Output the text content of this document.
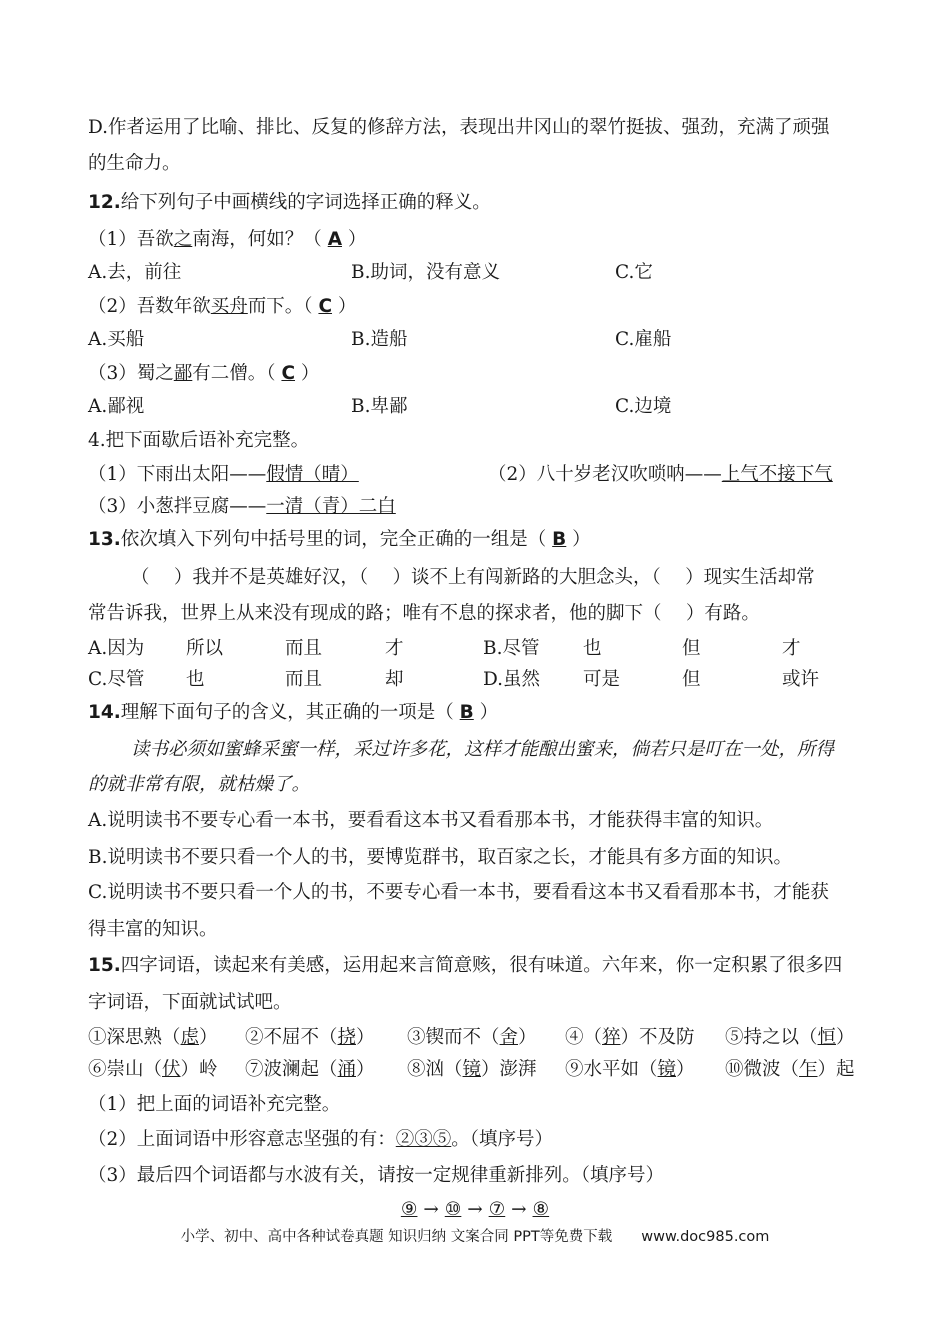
D.作者运用了比喻、排比、反复的修辞方法，表现出井冈山的翠竹挺拔、强劲，充满了顽强
的生命力。
12.给下列句子中画横线的字词选择正确的释义。
（1）吾欲之南海，何如？（ A ）
A.去，前往	B.助词，没有意义	C.它
（2）吾数年欲买舟而下。（ C ）
A.买船	B.造船	C.雇船
（3）蜀之鄙有二僧。（ C ）
A.鄙视	B.卑鄙	C.边境
4.把下面歇后语补充完整。
（1）下雨出太阳——假情（晴）	（2）八十岁老汉吹唢呐——上气不接下气
（3）小葱拌豆腐——一清（青）二白
13.依次填入下列句中括号里的词，完全正确的一组是（ B ）
（　 ）我并不是英雄好汉，（　 ）谈不上有闯新路的大胆念头，（　 ）现实生活却常
常告诉我，世界上从来没有现成的路；唯有不息的探求者，他的脚下（　 ）有路。
A.因为 所以	而且	才	B.尽管 也	但	才
C.尽管 也	而且	却	D.虽然 可是	但	或许
14.理解下面句子的含义，其正确的一项是（ B ）
读书必须如蜜蜂采蜜一样，采过许多花，这样才能酿出蜜来，倘若只是叮在一处，所得
的就非常有限，就枯燥了。
A.说明读书不要专心看一本书，要看看这本书又看看那本书，才能获得丰富的知识。
B.说明读书不要只看一个人的书，要博览群书，取百家之长，才能具有多方面的知识。
C.说明读书不要只看一个人的书，不要专心看一本书，要看看这本书又看看那本书，才能获
得丰富的知识。
15.四字词语，读起来有美感，运用起来言简意赅，很有味道。六年来，你一定积累了很多四
字词语，下面就试试吧。
①深思熟（虑） ②不屈不（挠） ③锲而不（舍） ④（猝）不及防 ⑤持之以（恒）
⑥崇山（伏）岭 ⑦波澜起（涌） ⑧汹（镜）澎湃 ⑨水平如（镜） ⑩微波（乍）起
（1）把上面的词语补充完整。
（2）上面词语中形容意志坚强的有：②③⑤。（填序号）
（3）最后四个词语都与水波有关，请按一定规律重新排列。（填序号）
⑨ → ⑩ → ⑦ → ⑧
小学、初中、高中各种试卷真题 知识归纳 文案合同 PPT等免费下载　　www.doc985.com
